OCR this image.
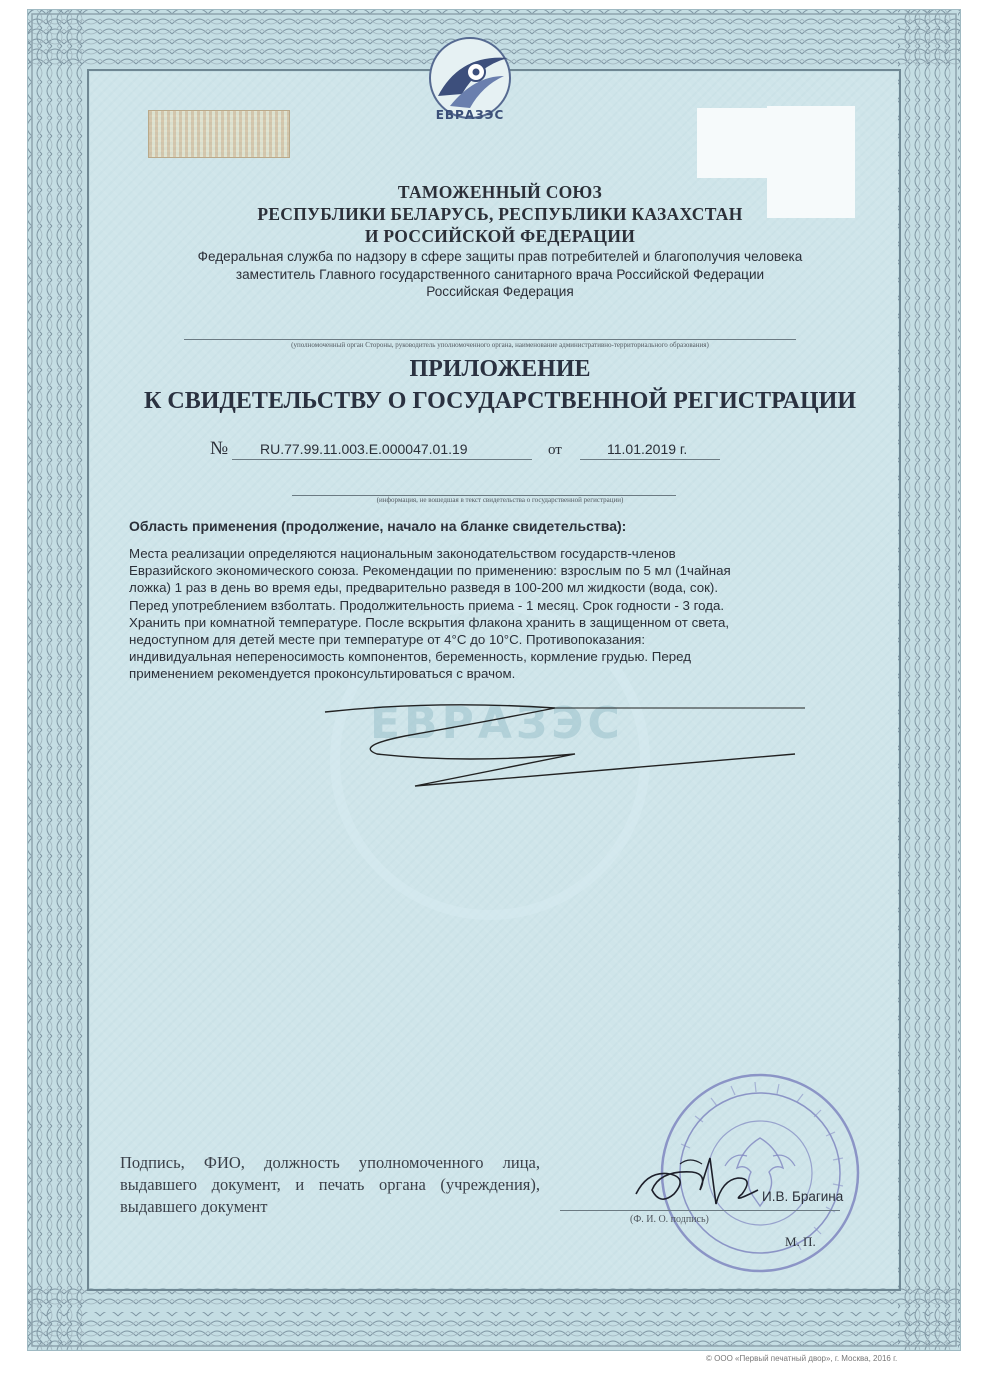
ЕВРАЗЭС
ТАМОЖЕННЫЙ СОЮЗ
РЕСПУБЛИКИ БЕЛАРУСЬ, РЕСПУБЛИКИ КАЗАХСТАН
И РОССИЙСКОЙ ФЕДЕРАЦИИ
Федеральная служба по надзору в сфере защиты прав потребителей и благополучия человека
заместитель Главного государственного санитарного врача Российской Федерации
Российская Федерация
(уполномоченный орган Стороны, руководитель уполномоченного органа, наименование административно-территориального образования)
ПРИЛОЖЕНИЕ
К СВИДЕТЕЛЬСТВУ О ГОСУДАРСТВЕННОЙ РЕГИСТРАЦИИ
№ RU.77.99.11.003.E.000047.01.19	от	11.01.2019 г.
(информация, не вошедшая в текст свидетельства о государственной регистрации)
ЕВРАЗЭС
Область применения (продолжение, начало на бланке свидетельства):
Места реализации определяются национальным законодательством государств-членов
Евразийского экономического союза. Рекомендации по применению: взрослым по 5 мл (1чайная
ложка) 1 раз в день во время еды, предварительно разведя в 100-200 мл жидкости (вода, сок).
Перед употреблением взболтать. Продолжительность приема - 1 месяц. Срок годности - 3 года.
Хранить при комнатной температуре. После вскрытия флакона хранить в защищенном от света,
недоступном для детей месте при температуре от 4°C до 10°C. Противопоказания:
индивидуальная непереносимость компонентов, беременность, кормление грудью. Перед
применением рекомендуется проконсультироваться с врачом.
Подпись, ФИО, должность уполномоченного лица, выдавшего документ, и печать органа (учреждения), выдавшего документ
И.В. Брагина
(Ф. И. О. подпись)
М. П.
© ООО «Первый печатный двор», г. Москва, 2016 г.
